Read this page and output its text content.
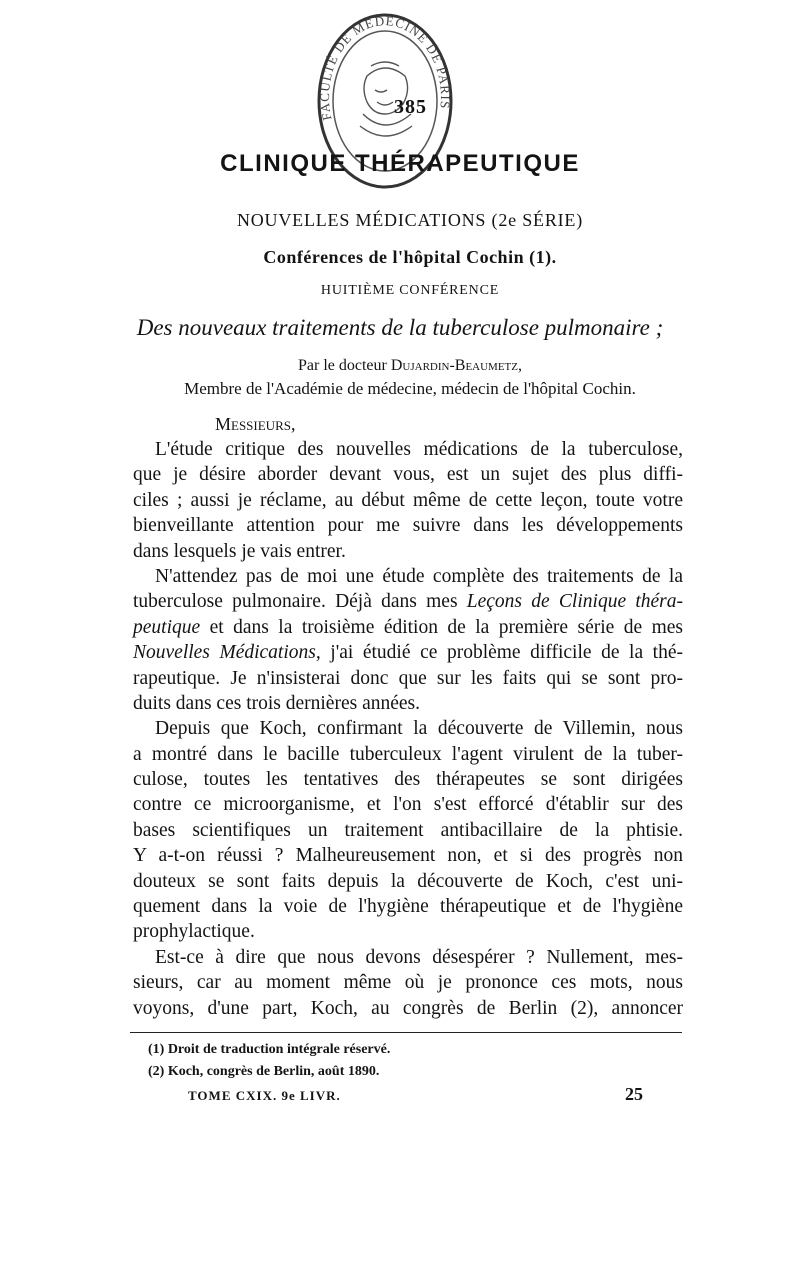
FACULTÉ DE MÉDECINE DE PARIS
385
CLINIQUE THÉRAPEUTIQUE
NOUVELLES MÉDICATIONS (2e SÉRIE)
Conférences de l'hôpital Cochin (1).
HUITIÈME CONFÉRENCE
Des nouveaux traitements de la tuberculose pulmonaire ;
Par le docteur Dujardin-Beaumetz,
Membre de l'Académie de médecine, médecin de l'hôpital Cochin.
Messieurs,
L'étude critique des nouvelles médications de la tuberculose,
que je désire aborder devant vous, est un sujet des plus diffi-
ciles ; aussi je réclame, au début même de cette leçon, toute votre
bienveillante attention pour me suivre dans les développements
dans lesquels je vais entrer.
N'attendez pas de moi une étude complète des traitements de la
tuberculose pulmonaire. Déjà dans mes Leçons de Clinique théra-
peutique et dans la troisième édition de la première série de mes
Nouvelles Médications, j'ai étudié ce problème difficile de la thé-
rapeutique. Je n'insisterai donc que sur les faits qui se sont pro-
duits dans ces trois dernières années.
Depuis que Koch, confirmant la découverte de Villemin, nous
a montré dans le bacille tuberculeux l'agent virulent de la tuber-
culose, toutes les tentatives des thérapeutes se sont dirigées
contre ce microorganisme, et l'on s'est efforcé d'établir sur des
bases scientifiques un traitement antibacillaire de la phtisie.
Y a-t-on réussi ? Malheureusement non, et si des progrès non
douteux se sont faits depuis la découverte de Koch, c'est uni-
quement dans la voie de l'hygiène thérapeutique et de l'hygiène
prophylactique.
Est-ce à dire que nous devons désespérer ? Nullement, mes-
sieurs, car au moment même où je prononce ces mots, nous
voyons, d'une part, Koch, au congrès de Berlin (2), annoncer
(1) Droit de traduction intégrale réservé.
(2) Koch, congrès de Berlin, août 1890.
TOME CXIX. 9e LIVR.	25
